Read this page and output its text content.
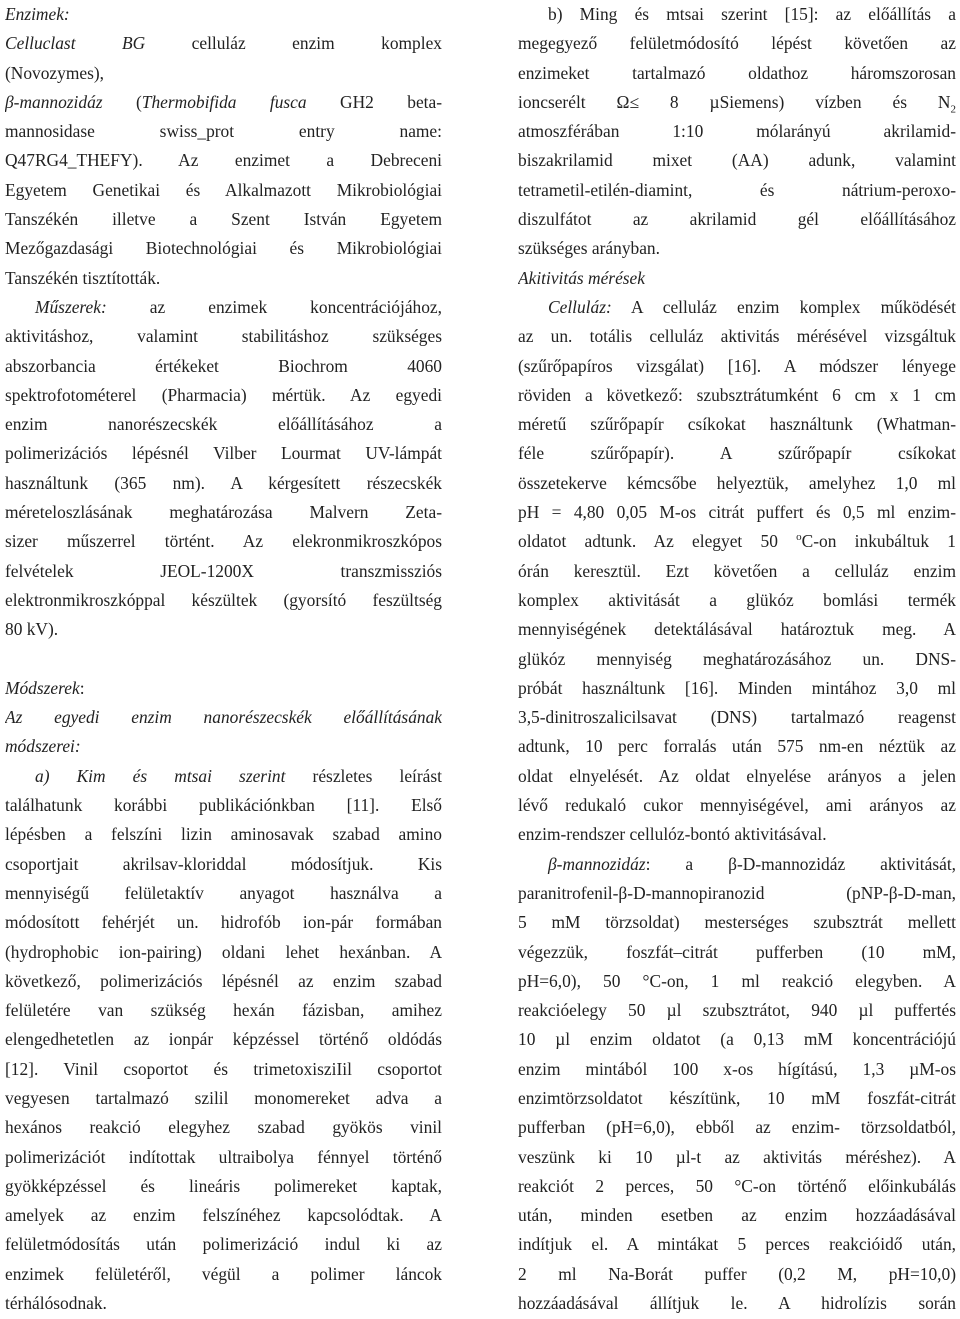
Enzimek:
Celluclast BG celluláz enzim komplex
(Novozymes),
β-mannozidáz (Thermobifida fusca GH2 beta-
mannosidase swiss_prot entry name:
Q47RG4_THEFY). Az enzimet a Debreceni
Egyetem Genetikai és Alkalmazott Mikrobiológiai
Tanszékén illetve a Szent István Egyetem
Mezőgazdasági Biotechnológiai és Mikrobiológiai
Tanszékén tisztították.
Műszerek: az enzimek koncentrációjához,
aktivitáshoz, valamint stabilitáshoz szükséges
abszorbancia értékeket Biochrom 4060
spektrofotométerel (Pharmacia) mértük. Az egyedi
enzim nanorészecskék előállításához a
polimerizációs lépésnél Vilber Lourmat UV-lámpát
használtunk (365 nm). A kérgesített részecskék
méreteloszlásának meghatározása Malvern Zeta-
sizer műszerrel történt. Az elekronmikroszkópos
felvételek JEOL-1200X transzmissziós
elektronmikroszkóppal készültek (gyorsító feszültség
80 kV).
Módszerek:
Az egyedi enzim nanorészecskék előállításának
módszerei:
a) Kim és mtsai szerint részletes leírást
találhatunk korábbi publikációnkban [11]. Első
lépésben a felszíni lizin aminosavak szabad amino
csoportjait akrilsav-kloriddal módosítjuk. Kis
mennyiségű felületaktív anyagot használva a
módosított fehérjét un. hidrofób ion-pár formában
(hydrophobic ion-pairing) oldani lehet hexánban. A
következő, polimerizációs lépésnél az enzim szabad
felületére van szükség hexán fázisban, amihez
elengedhetetlen az ionpár képzéssel történő oldódás
[12]. Vinil csoportot és trimetoxisziIil csoportot
vegyesen tartalmazó szilil monomereket adva a
hexános reakció elegyhez szabad gyökös vinil
polimerizációt indítottak ultraibolya fénnyel történő
gyökképzéssel és lineáris polimereket kaptak,
amelyek az enzim felszínéhez kapcsolódtak. A
felületmódosítás után polimerizáció indul ki az
enzimek felületéről, végül a polimer láncok
térhálósodnak.
b) Ming és mtsai szerint [15]: az előállítás a
megegyező felületmódosító lépést követően az
enzimeket tartalmazó oldathoz háromszorosan
ioncserélt Ω≤ 8 µSiemens) vízben és $N_2$
atmoszférában 1:10 mólarányú akrilamid-
biszakrilamid mixet (AA) adunk, valamint
tetrametil-etilén-diamint, és nátrium-peroxo-
diszulfátot az akrilamid gél előállításához
szükséges arányban.
Akitivitás mérések
Celluláz: A celluláz enzim komplex működését
az un. totális celluláz aktivitás mérésével vizsgáltuk
(szűrőpapíros vizsgálat) [16]. A módszer lényege
röviden a következő: szubsztrátumként 6 cm x 1 cm
méretű szűrőpapír csíkokat használtunk (Whatman-
féle szűrőpapír). A szűrőpapír csíkokat
összetekerve kémcsőbe helyeztük, amelyhez 1,0 ml
pH = 4,80 0,05 M-os citrát puffert és 0,5 ml enzim-
oldatot adtunk. Az elegyet 50 $^o$C-on inkubáltuk 1
órán keresztül. Ezt követően a celluláz enzim
komplex aktivitását a glükóz bomlási termék
mennyiségének detektálásával határoztuk meg. A
glükóz mennyiség meghatározásához un. DNS-
próbát használtunk [16]. Minden mintához 3,0 ml
3,5-dinitroszalicilsavat (DNS) tartalmazó reagenst
adtunk, 10 perc forralás után 575 nm-en néztük az
oldat elnyelését. Az oldat elnyelése arányos a jelen
lévő redukaló cukor mennyiségével, ami arányos az
enzim-rendszer cellulóz-bontó aktivitásával.
β-mannozidáz: a β-D-mannozidáz aktivitását,
paranitrofenil-β-D-mannopiranozid (pNP-β-D-man,
5 mM törzsoldat) mesterséges szubsztrát mellett
végezzük, foszfát–citrát pufferben (10 mM,
pH=6,0), 50 °C-on, 1 ml reakció elegyben. A
reakcióelegy 50 µl szubsztrátot, 940 µl puffertés
10 µl enzim oldatot (a 0,13 mM koncentrációjú
enzim mintából 100 x-os hígítású, 1,3 µM-os
enzimtörzsoldatot készítünk, 10 mM foszfát-citrát
pufferban (pH=6,0), ebből az enzim- törzsoldatból,
veszünk ki 10 µl-t az aktivitás méréshez). A
reakciót 2 perces, 50 °C-on történő előinkubálás
után, minden esetben az enzim hozzáadásával
indítjuk el. A mintákat 5 perces reakcióidő után,
2 ml Na-Borát puffer (0,2 M, pH=10,0)
hozzáadásával állítjuk le. A hidrolízis során
